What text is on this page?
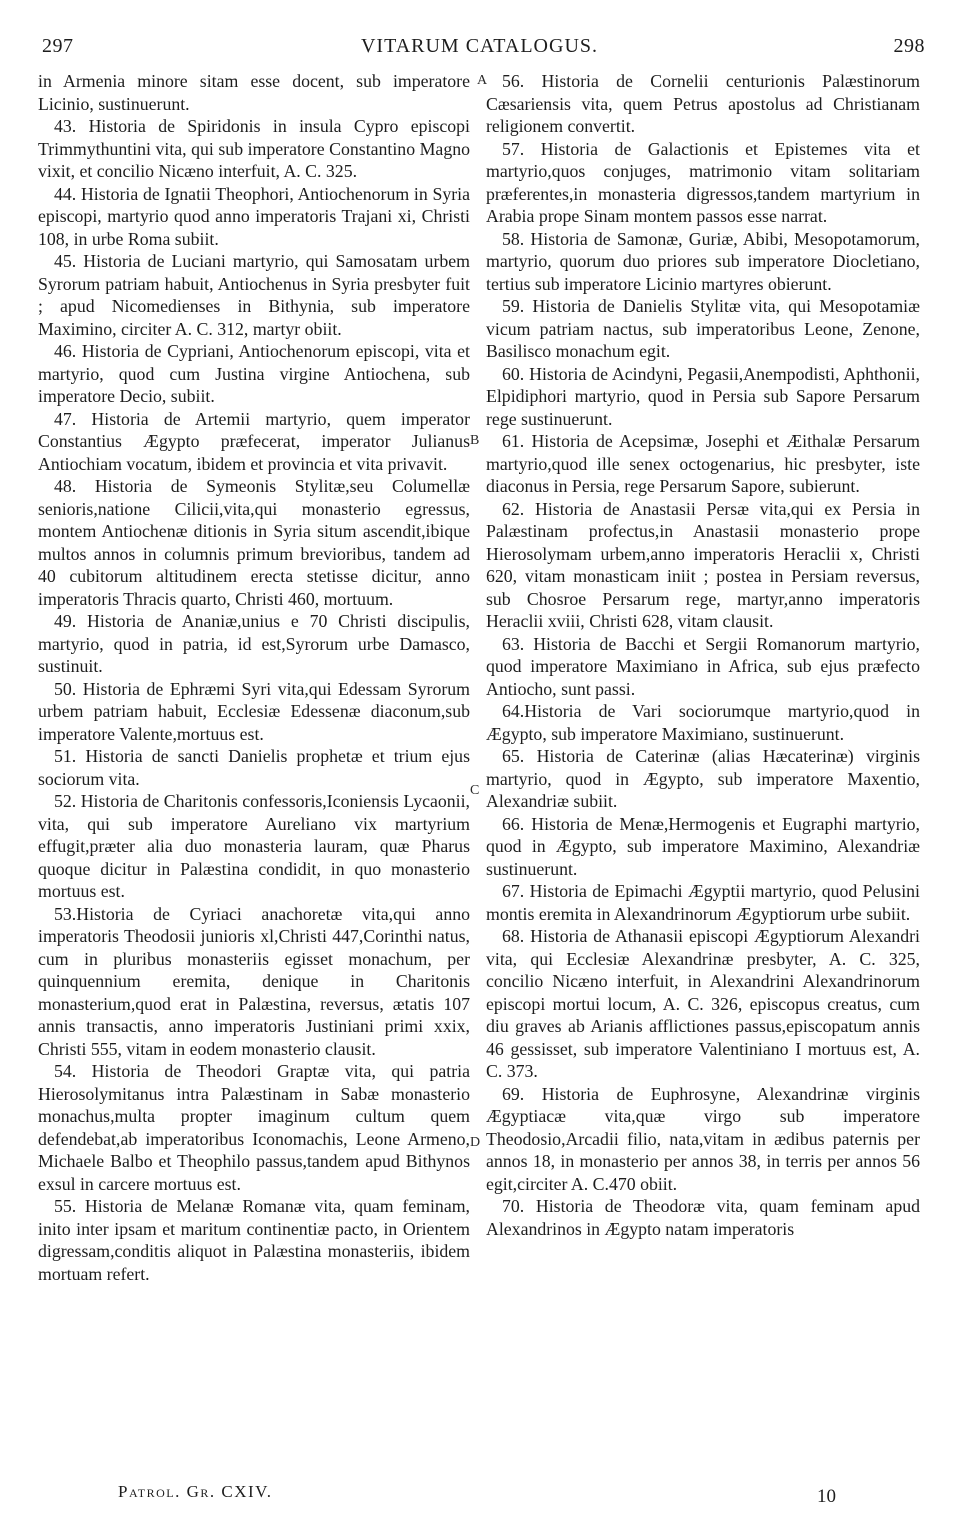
297	VITARUM CATALOGUS.	298
A
B
C
D

in Armenia minore sitam esse docent, sub imperatore Licinio, sustinuerunt.

43. Historia de Spiridonis in insula Cypro episcopi Trimmythuntini vita, qui sub imperatore Constantino Magno vixit, et concilio Nicæno interfuit, A. C. 325.

44. Historia de Ignatii Theophori, Antiochenorum in Syria episcopi, martyrio quod anno imperatoris Trajani xi, Christi 108, in urbe Roma subiit.

45. Historia de Luciani martyrio, qui Samosatam urbem Syrorum patriam habuit, Antiochenus in Syria presbyter fuit ; apud Nicomedienses in Bithynia, sub imperatore Maximino, circiter A. C. 312, martyr obiit.

46. Historia de Cypriani, Antiochenorum episcopi, vita et martyrio, quod cum Justina virgine Antiochena, sub imperatore Decio, subiit.

47. Historia de Artemii martyrio, quem imperator Constantius Ægypto præfecerat, imperator Julianus Antiochiam vocatum, ibidem et provincia et vita privavit.

48. Historia de Symeonis Stylitæ,seu Columellæ senioris,natione Cilicii,vita,qui monasterio egressus, montem Antiochenæ ditionis in Syria situm ascendit,ibique multos annos in columnis primum brevioribus, tandem ad 40 cubitorum altitudinem erecta stetisse dicitur, anno imperatoris Thracis quarto, Christi 460, mortuum.

49. Historia de Ananiæ,unius e 70 Christi discipulis, martyrio, quod in patria, id est,Syrorum urbe Damasco, sustinuit.

50. Historia de Ephræmi Syri vita,qui Edessam Syrorum urbem patriam habuit, Ecclesiæ Edessenæ diaconum,sub imperatore Valente,mortuus est.

51. Historia de sancti Danielis prophetæ et trium ejus sociorum vita.

52. Historia de Charitonis confessoris,Iconiensis Lycaonii, vita, qui sub imperatore Aureliano vix martyrium effugit,præter alia duo monasteria lauram, quæ Pharus quoque dicitur in Palæstina condidit, in quo monasterio mortuus est.

53.Historia de Cyriaci anachoretæ vita,qui anno imperatoris Theodosii junioris xl,Christi 447,Corinthi natus, cum in pluribus monasteriis egisset monachum, per quinquennium eremita, denique in Charitonis monasterium,quod erat in Palæstina, reversus, ætatis 107 annis transactis, anno imperatoris Justiniani primi xxix, Christi 555, vitam in eodem monasterio clausit.

54. Historia de Theodori Graptæ vita, qui patria Hierosolymitanus intra Palæstinam in Sabæ monasterio monachus,multa propter imaginum cultum quem defendebat,ab imperatoribus Iconomachis, Leone Armeno, Michaele Balbo et Theophilo passus,tandem apud Bithynos exsul in carcere mortuus est.

55. Historia de Melanæ Romanæ vita, quam feminam, inito inter ipsam et maritum continentiæ pacto, in Orientem digressam,conditis aliquot in Palæstina monasteriis, ibidem mortuam refert.

56. Historia de Cornelii centurionis Palæstinorum Cæsariensis vita, quem Petrus apostolus ad Christianam religionem convertit.

57. Historia de Galactionis et Epistemes vita et martyrio,quos conjuges, matrimonio vitam solitariam præferentes,in monasteria digressos,tandem martyrium in Arabia prope Sinam montem passos esse narrat.

58. Historia de Samonæ, Guriæ, Abibi, Mesopotamorum, martyrio, quorum duo priores sub imperatore Diocletiano, tertius sub imperatore Licinio martyres obierunt.

59. Historia de Danielis Stylitæ vita, qui Mesopotamiæ vicum patriam nactus, sub imperatoribus Leone, Zenone, Basilisco monachum egit.

60. Historia de Acindyni, Pegasii,Anempodisti, Aphthonii, Elpidiphori martyrio, quod in Persia sub Sapore Persarum rege sustinuerunt.

61. Historia de Acepsimæ, Josephi et Æithalæ Persarum martyrio,quod ille senex octogenarius, hic presbyter, iste diaconus in Persia, rege Persarum Sapore, subierunt.

62. Historia de Anastasii Persæ vita,qui ex Persia in Palæstinam profectus,in Anastasii monasterio prope Hierosolymam urbem,anno imperatoris Heraclii x, Christi 620, vitam monasticam iniit ; postea in Persiam reversus, sub Chosroe Persarum rege, martyr,anno imperatoris Heraclii xviii, Christi 628, vitam clausit.

63. Historia de Bacchi et Sergii Romanorum martyrio, quod imperatore Maximiano in Africa, sub ejus præfecto Antiocho, sunt passi.

64.Historia de Vari sociorumque martyrio,quod in Ægypto, sub imperatore Maximiano, sustinuerunt.

65. Historia de Caterinæ (alias Hæcaterinæ) virginis martyrio, quod in Ægypto, sub imperatore Maxentio, Alexandriæ subiit.

66. Historia de Menæ,Hermogenis et Eugraphi martyrio, quod in Ægypto, sub imperatore Maximino, Alexandriæ sustinuerunt.

67. Historia de Epimachi Ægyptii martyrio, quod Pelusini montis eremita in Alexandrinorum Ægyptiorum urbe subiit.

68. Historia de Athanasii episcopi Ægyptiorum Alexandri vita, qui Ecclesiæ Alexandrinæ presbyter, A. C. 325, concilio Nicæno interfuit, in Alexandrini Alexandrinorum episcopi mortui locum, A. C. 326, episcopus creatus, cum diu graves ab Arianis afflictiones passus,episcopatum annis 46 gessisset, sub imperatore Valentiniano I mortuus est, A. C. 373.

69. Historia de Euphrosyne, Alexandrinæ virginis Ægyptiacæ vita,quæ virgo sub imperatore Theodosio,Arcadii filio, nata,vitam in ædibus paternis per annos 18, in monasterio per annos 38, in terris per annos 56 egit,circiter A. C.470 obiit.

70. Historia de Theodoræ vita, quam feminam apud Alexandrinos in Ægypto natam imperatoris

Patrol. Gr. CXIV.	10
